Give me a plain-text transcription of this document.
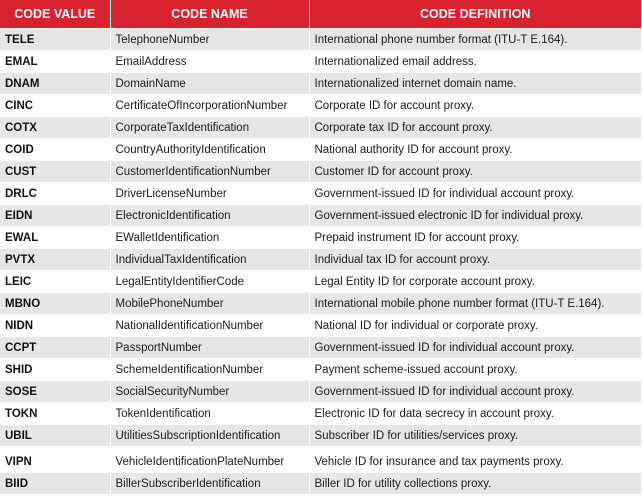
CODE VALUE	CODE NAME	CODE DEFINITION
TELE	TelephoneNumber	International phone number format (ITU-T E.164).
EMAL	EmailAddress	Internationalized email address.
DNAM	DomainName	Internationalized internet domain name.
CINC	CertificateOfIncorporationNumber	Corporate ID for account proxy.
COTX	CorporateTaxIdentification	Corporate tax ID for account proxy.
COID	CountryAuthorityIdentification	National authority ID for account proxy.
CUST	CustomerIdentificationNumber	Customer ID for account proxy.
DRLC	DriverLicenseNumber	Government-issued ID for individual account proxy.
EIDN	ElectronicIdentification	Government-issued electronic ID for individual proxy.
EWAL	EWalletIdentification	Prepaid instrument ID for account proxy.
PVTX	IndividualTaxIdentification	Individual tax ID for account proxy.
LEIC	LegalEntityIdentifierCode	Legal Entity ID for corporate account proxy.
MBNO	MobilePhoneNumber	International mobile phone number format (ITU-T E.164).
NIDN	NationalIdentificationNumber	National ID for individual or corporate proxy.
CCPT	PassportNumber	Government-issued ID for individual account proxy.
SHID	SchemeIdentificationNumber	Payment scheme-issued account proxy.
SOSE	SocialSecurityNumber	Government-issued ID for individual account proxy.
TOKN	TokenIdentification	Electronic ID for data secrecy in account proxy.
UBIL	UtilitiesSubscriptionIdentification	Subscriber ID for utilities/services proxy.
VIPN	VehicleIdentificationPlateNumber	Vehicle ID for insurance and tax payments proxy.
BIID	BillerSubscriberIdentification	Biller ID for utility collections proxy.
